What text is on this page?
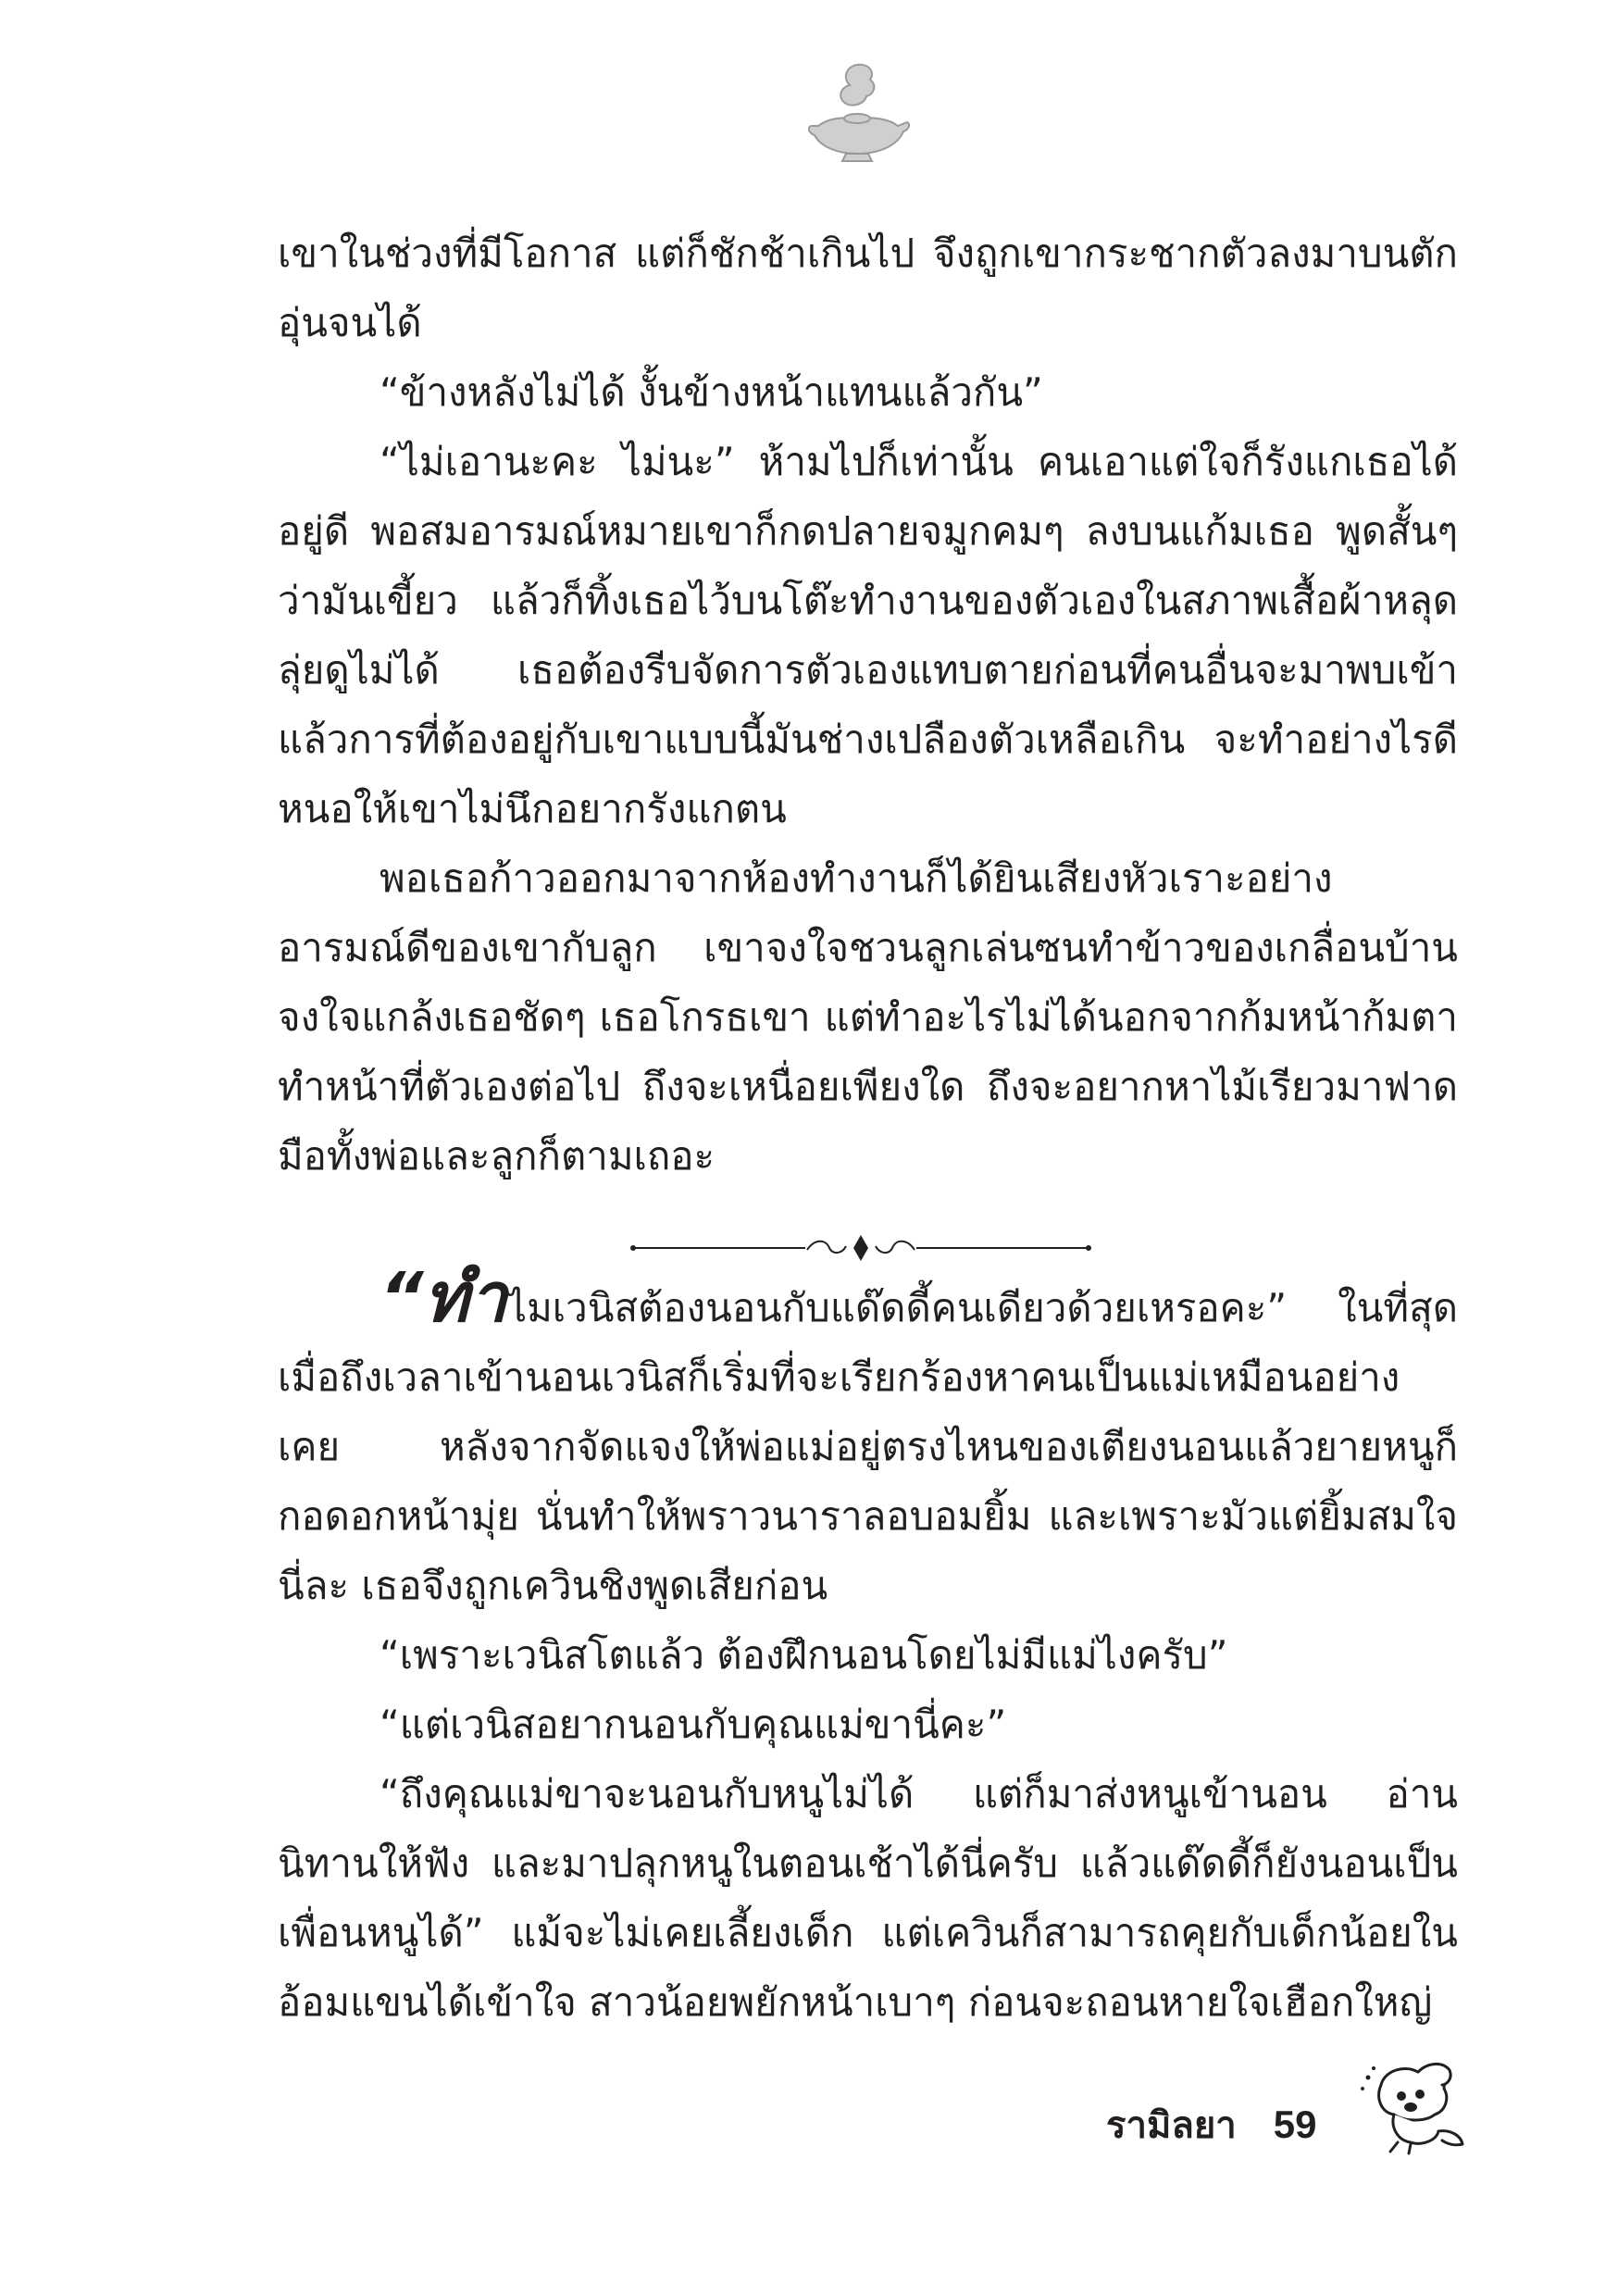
เขาในช่วงที่มีโอกาส แต่ก็ชักช้าเกินไป จึงถูกเขากระชากตัวลงมาบนตักอุ่นจนได้

“ข้างหลังไม่ได้ งั้นข้างหน้าแทนแล้วกัน”

“ไม่เอานะคะ ไม่นะ” ห้ามไปก็เท่านั้น คนเอาแต่ใจก็รังแกเธอได้อยู่ดี พอสมอารมณ์หมายเขาก็กดปลายจมูกคมๆ ลงบนแก้มเธอ พูดสั้นๆ ว่ามันเขี้ยว แล้วก็ทิ้งเธอไว้บนโต๊ะทำงานของตัวเองในสภาพเสื้อผ้าหลุดลุ่ยดูไม่ได้ เธอต้องรีบจัดการตัวเองแทบตายก่อนที่คนอื่นจะมาพบเข้า แล้วการที่ต้องอยู่กับเขาแบบนี้มันช่างเปลืองตัวเหลือเกิน จะทำอย่างไรดีหนอให้เขาไม่นึกอยากรังแกตน

พอเธอก้าวออกมาจากห้องทำงานก็ได้ยินเสียงหัวเราะอย่างอารมณ์ดีของเขากับลูก เขาจงใจชวนลูกเล่นซนทำข้าวของเกลื่อนบ้าน จงใจแกล้งเธอชัดๆ เธอโกรธเขา แต่ทำอะไรไม่ได้นอกจากก้มหน้าก้มตาทำหน้าที่ตัวเองต่อไป ถึงจะเหนื่อยเพียงใด ถึงจะอยากหาไม้เรียวมาฟาดมือทั้งพ่อและลูกก็ตามเถอะ

“ทำไมเวนิสต้องนอนกับแด๊ดดี้คนเดียวด้วยเหรอคะ” ในที่สุดเมื่อถึงเวลาเข้านอนเวนิสก็เริ่มที่จะเรียกร้องหาคนเป็นแม่เหมือนอย่างเคย หลังจากจัดแจงให้พ่อแม่อยู่ตรงไหนของเตียงนอนแล้วยายหนูก็กอดอกหน้ามุ่ย นั่นทำให้พราวนาราลอบอมยิ้ม และเพราะมัวแต่ยิ้มสมใจนี่ละ เธอจึงถูกเควินชิงพูดเสียก่อน

“เพราะเวนิสโตแล้ว ต้องฝึกนอนโดยไม่มีแม่ไงครับ”

“แต่เวนิสอยากนอนกับคุณแม่ขานี่คะ”

“ถึงคุณแม่ขาจะนอนกับหนูไม่ได้ แต่ก็มาส่งหนูเข้านอน อ่านนิทานให้ฟัง และมาปลุกหนูในตอนเช้าได้นี่ครับ แล้วแด๊ดดี้ก็ยังนอนเป็นเพื่อนหนูได้” แม้จะไม่เคยเลี้ยงเด็ก แต่เควินก็สามารถคุยกับเด็กน้อยในอ้อมแขนได้เข้าใจ สาวน้อยพยักหน้าเบาๆ ก่อนจะถอนหายใจเฮือกใหญ่

รามิลยา 59
